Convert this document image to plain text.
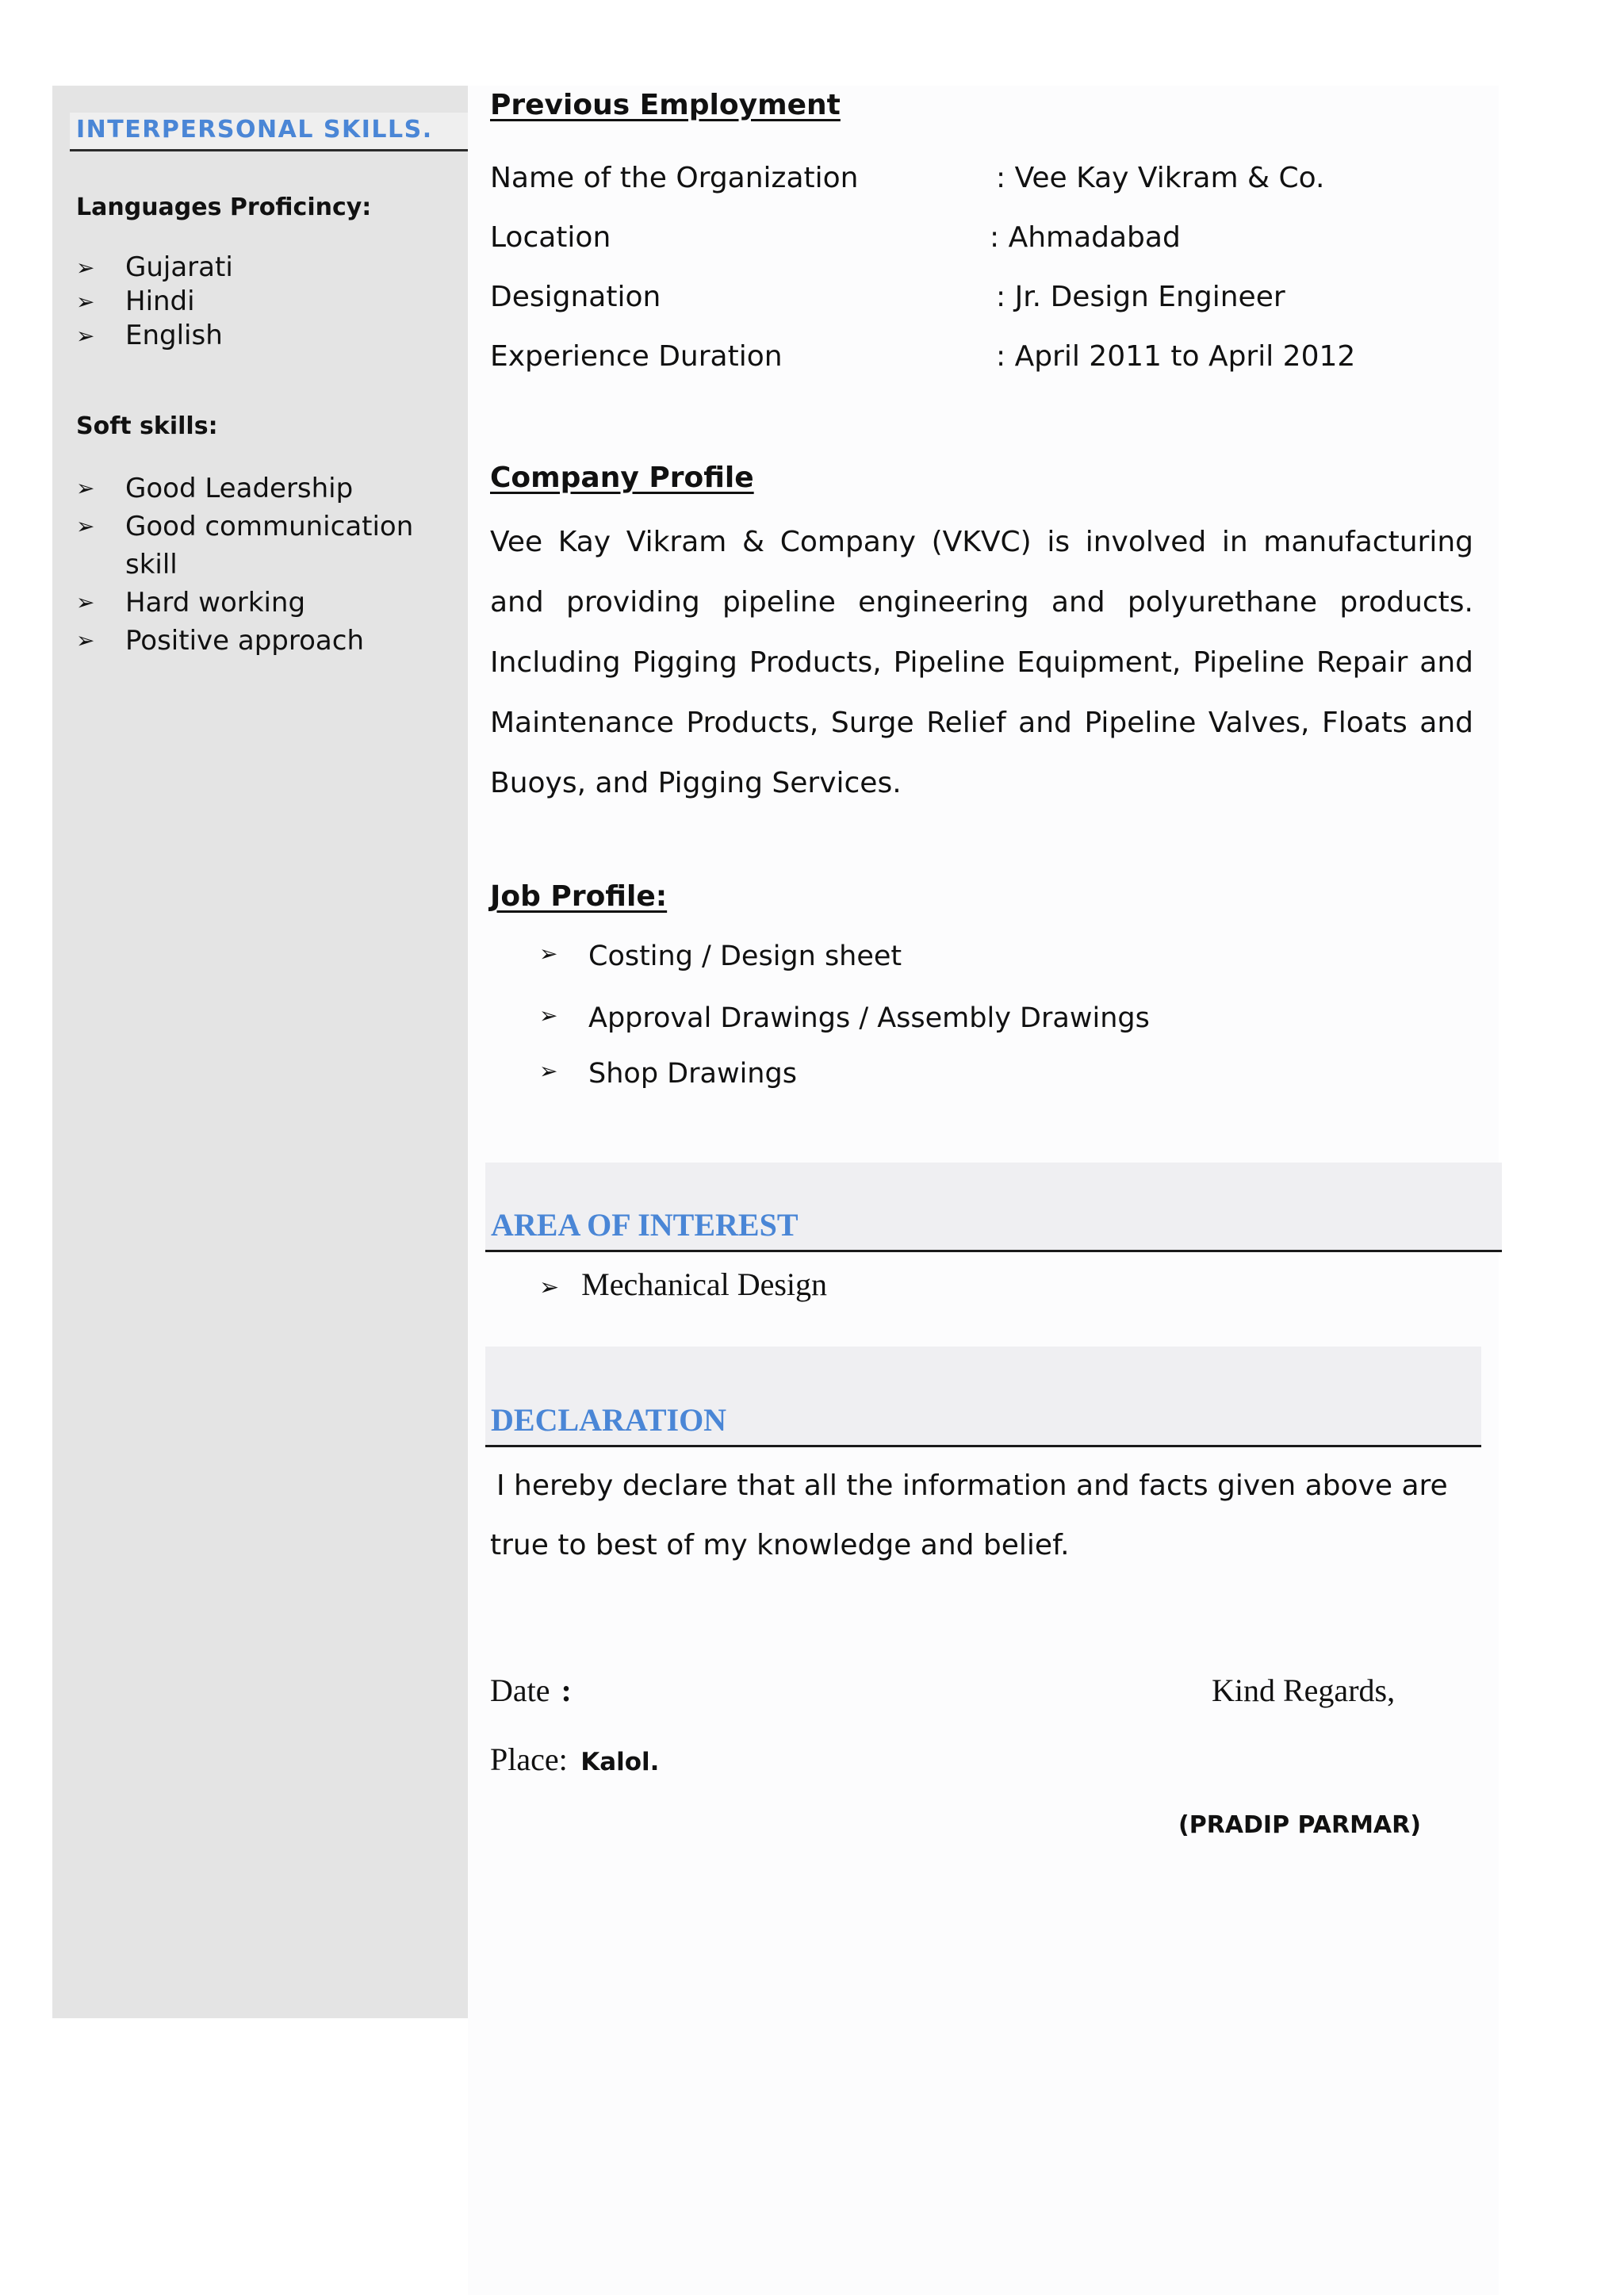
INTERPERSONAL SKILLS.
Languages Proficincy:
➢ Gujarati
➢ Hindi
➢ English
Soft skills:
➢ Good Leadership
➢ Good communication skill
➢ Hard working
➢ Positive approach
Previous Employment
Name of the Organization	: Vee Kay Vikram & Co.
Location	: Ahmadabad
Designation	: Jr. Design Engineer
Experience Duration	: April 2011 to April 2012
Company Profile
Vee Kay Vikram & Company (VKVC) is involved in manufacturing and providing pipeline engineering and polyurethane products. Including Pigging Products, Pipeline Equipment, Pipeline Repair and Maintenance Products, Surge Relief and Pipeline Valves, Floats and Buoys, and Pigging Services.
Job Profile:
➢ Costing / Design sheet
➢ Approval Drawings / Assembly Drawings
➢ Shop Drawings
AREA OF INTEREST
➢ Mechanical Design
DECLARATION
I hereby declare that all the information and facts given above are true to best of my knowledge and belief.
Date :	Kind Regards,
Place: Kalol.
(PRADIP PARMAR)
